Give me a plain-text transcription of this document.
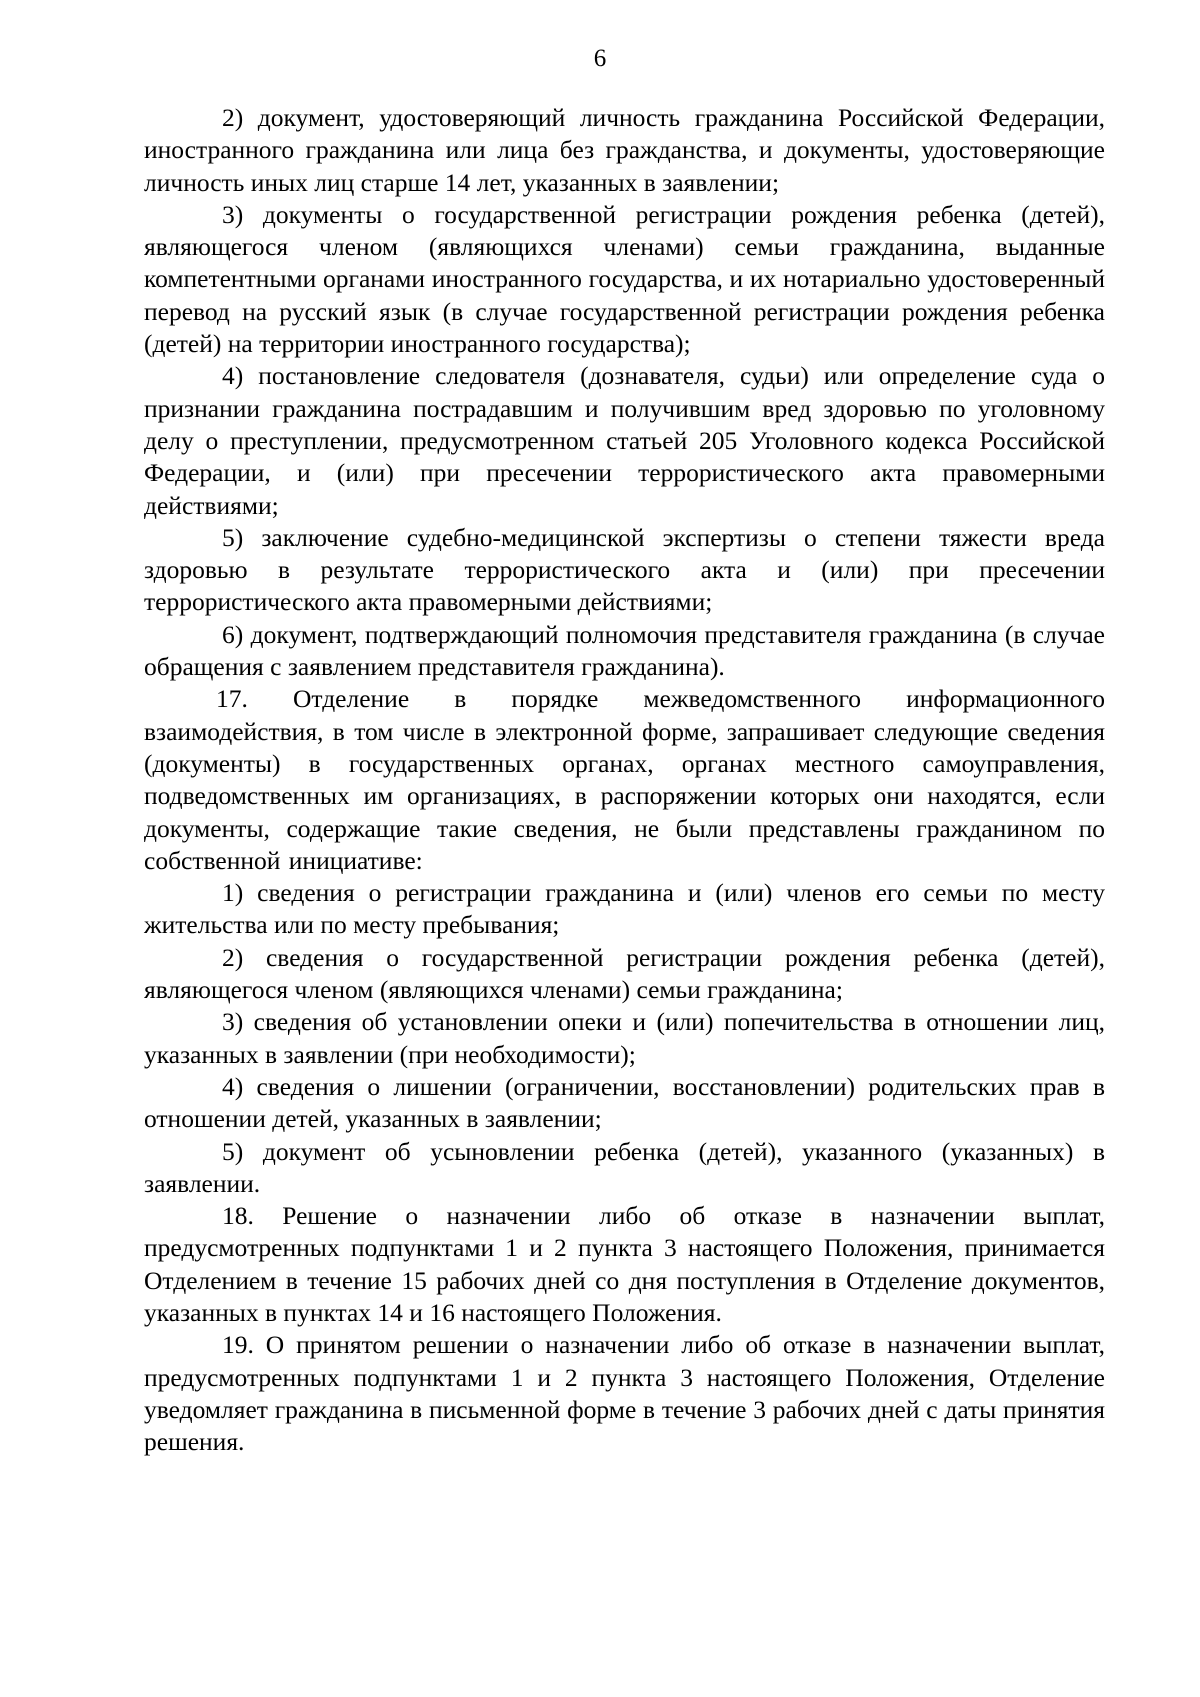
6

2) документ, удостоверяющий личность гражданина Российской Федерации, иностранного гражданина или лица без гражданства, и документы, удостоверяющие личность иных лиц старше 14 лет, указанных в заявлении;

3) документы о государственной регистрации рождения ребенка (детей), являющегося членом (являющихся членами) семьи гражданина, выданные компетентными органами иностранного государства, и их нотариально удостоверенный перевод на русский язык (в случае государственной регистрации рождения ребенка (детей) на территории иностранного государства);

4) постановление следователя (дознавателя, судьи) или определение суда о признании гражданина пострадавшим и получившим вред здоровью по уголовному делу о преступлении, предусмотренном статьей 205 Уголовного кодекса Российской Федерации, и (или) при пресечении террористического акта правомерными действиями;

5) заключение судебно-медицинской экспертизы о степени тяжести вреда здоровью в результате террористического акта и (или) при пресечении террористического акта правомерными действиями;

6) документ, подтверждающий полномочия представителя гражданина (в случае обращения с заявлением представителя гражданина).

17. Отделение в порядке межведомственного информационного взаимодействия, в том числе в электронной форме, запрашивает следующие сведения (документы) в государственных органах, органах местного самоуправления, подведомственных им организациях, в распоряжении которых они находятся, если документы, содержащие такие сведения, не были представлены гражданином по собственной инициативе:

1) сведения о регистрации гражданина и (или) членов его семьи по месту жительства или по месту пребывания;

2) сведения о государственной регистрации рождения ребенка (детей), являющегося членом (являющихся членами) семьи гражданина;

3) сведения об установлении опеки и (или) попечительства в отношении лиц, указанных в заявлении (при необходимости);

4) сведения о лишении (ограничении, восстановлении) родительских прав в отношении детей, указанных в заявлении;

5) документ об усыновлении ребенка (детей), указанного (указанных) в заявлении.

18. Решение о назначении либо об отказе в назначении выплат, предусмотренных подпунктами 1 и 2 пункта 3 настоящего Положения, принимается Отделением в течение 15 рабочих дней со дня поступления в Отделение документов, указанных в пунктах 14 и 16 настоящего Положения.

19. О принятом решении о назначении либо об отказе в назначении выплат, предусмотренных подпунктами 1 и 2 пункта 3 настоящего Положения, Отделение уведомляет гражданина в письменной форме в течение 3 рабочих дней с даты принятия решения.
